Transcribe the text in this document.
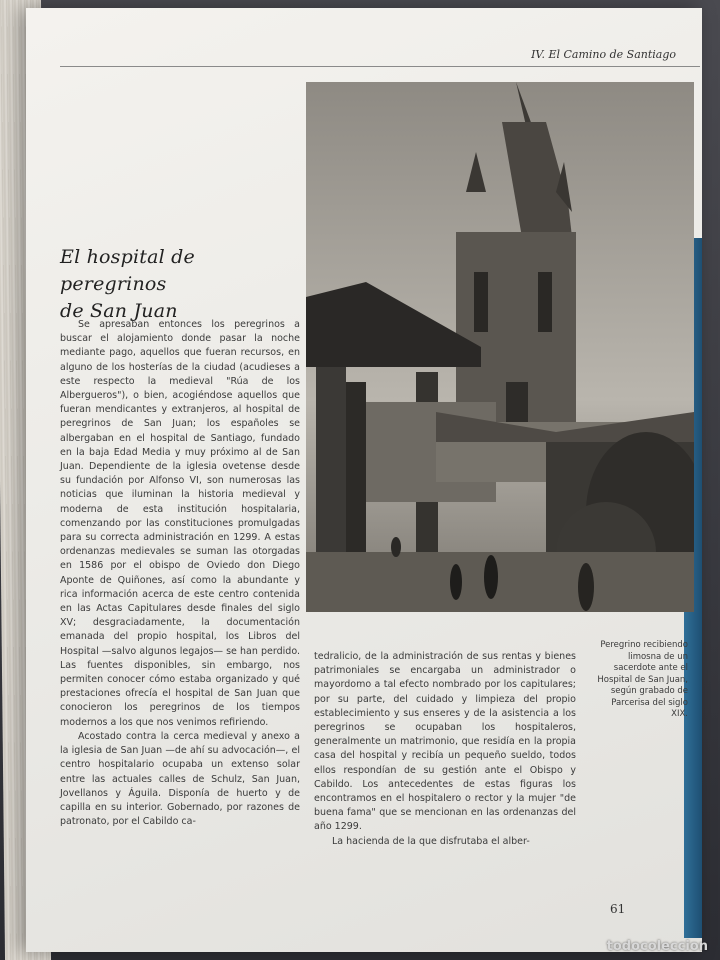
IV. El Camino de Santiago
El hospital de peregrinos
de San Juan

Se apresaban entonces los peregrinos a buscar el alojamiento donde pasar la noche mediante pago, aquellos que fueran recursos, en alguno de los hosterías de la ciudad (acudieses a este respecto la medieval "Rúa de los Albergueros"), o bien, acogiéndose aquellos que fueran mendicantes y extranjeros, al hospital de peregrinos de San Juan; los españoles se albergaban en el hospital de Santiago, fundado en la baja Edad Media y muy próximo al de San Juan. Dependiente de la iglesia ovetense desde su fundación por Alfonso VI, son numerosas las noticias que iluminan la historia medieval y moderna de esta institución hospitalaria, comenzando por las constituciones promulgadas para su correcta administración en 1299. A estas ordenanzas medievales se suman las otorgadas en 1586 por el obispo de Oviedo don Diego Aponte de Quiñones, así como la abundante y rica información acerca de este centro contenida en las Actas Capitulares desde finales del siglo XV; desgraciadamente, la documentación emanada del propio hospital, los Libros del Hospital —salvo algunos legajos— se han perdido. Las fuentes disponibles, sin embargo, nos permiten conocer cómo estaba organizado y qué prestaciones ofrecía el hospital de San Juan que conocieron los peregrinos de los tiempos modernos a los que nos venimos refiriendo.

Acostado contra la cerca medieval y anexo a la iglesia de San Juan —de ahí su advocación—, el centro hospitalario ocupaba un extenso solar entre las actuales calles de Schulz, San Juan, Jovellanos y Águila. Disponía de huerto y de capilla en su interior. Gobernado, por razones de patronato, por el Cabildo ca-

tedralicio, de la administración de sus rentas y bienes patrimoniales se encargaba un administrador o mayordomo a tal efecto nombrado por los capitulares; por su parte, del cuidado y limpieza del propio establecimiento y sus enseres y de la asistencia a los peregrinos se ocupaban los hospitaleros, generalmente un matrimonio, que residía en la propia casa del hospital y recibía un pequeño sueldo, todos ellos respondían de su gestión ante el Obispo y Cabildo. Los antecedentes de estas figuras los encontramos en el hospitalero o rector y la mujer "de buena fama" que se mencionan en las ordenanzas del año 1299.

La hacienda de la que disfrutaba el alber-

Peregrino recibiendo limosna de un sacerdote ante el Hospital de San Juan, según grabado de Parcerisa del siglo XIX.
61
todocoleccion
